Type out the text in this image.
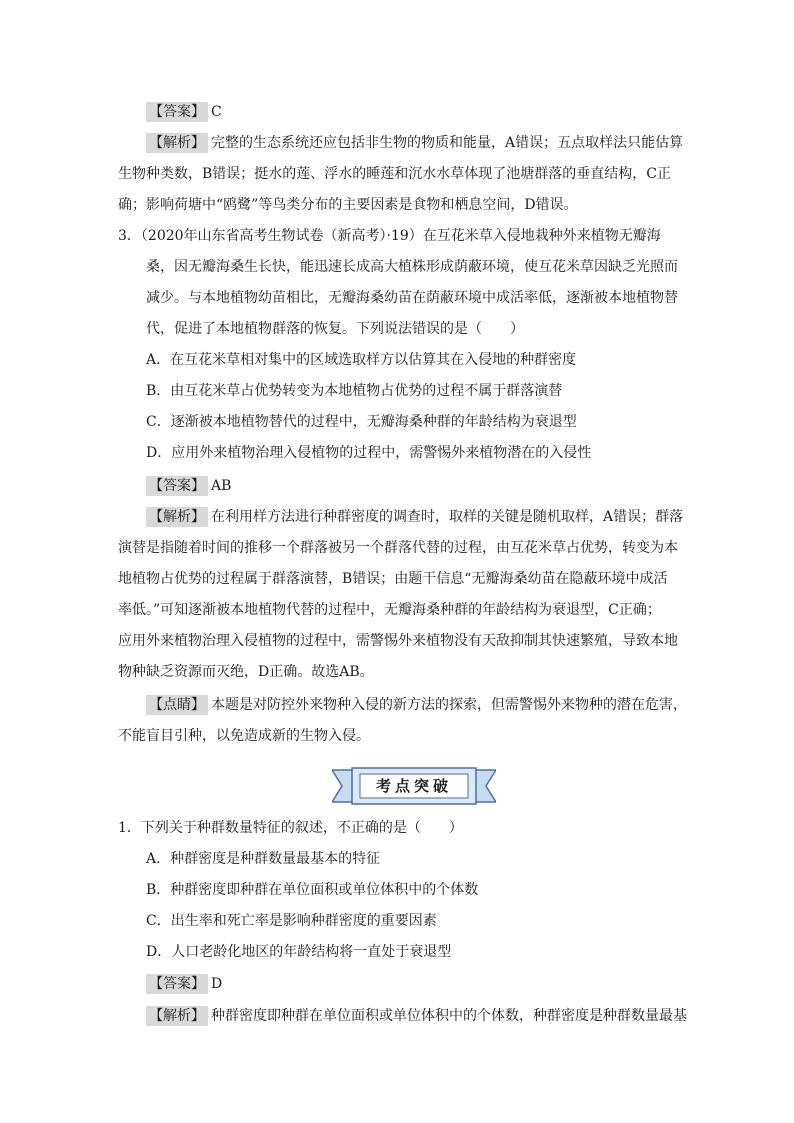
【答案】 C
【解析】 完整的生态系统还应包括非生物的物质和能量，A错误；五点取样法只能估算
生物种类数，B错误；挺水的莲、浮水的睡莲和沉水水草体现了池塘群落的垂直结构，C正
确；影响荷塘中“鸥鹭”等鸟类分布的主要因素是食物和栖息空间，D错误。
3．（2020年山东省高考生物试卷（新高考）·19）在互花米草入侵地栽种外来植物无瓣海
桑，因无瓣海桑生长快，能迅速长成高大植株形成荫蔽环境，使互花米草因缺乏光照而
减少。与本地植物幼苗相比，无瓣海桑幼苗在荫蔽环境中成活率低，逐渐被本地植物替
代，促进了本地植物群落的恢复。下列说法错误的是（　　）
A．在互花米草相对集中的区域选取样方以估算其在入侵地的种群密度
B．由互花米草占优势转变为本地植物占优势的过程不属于群落演替
C．逐渐被本地植物替代的过程中，无瓣海桑种群的年龄结构为衰退型
D．应用外来植物治理入侵植物的过程中，需警惕外来植物潜在的入侵性
【答案】 AB
【解析】 在利用样方法进行种群密度的调查时，取样的关键是随机取样，A错误；群落
演替是指随着时间的推移一个群落被另一个群落代替的过程，由互花米草占优势，转变为本
地植物占优势的过程属于群落演替，B错误；由题干信息“无瓣海桑幼苗在隐蔽环境中成活
率低。”可知逐渐被本地植物代替的过程中，无瓣海桑种群的年龄结构为衰退型，C正确；
应用外来植物治理入侵植物的过程中，需警惕外来植物没有天敌抑制其快速繁殖，导致本地
物种缺乏资源而灭绝，D正确。故选AB。
【点睛】 本题是对防控外来物种入侵的新方法的探索，但需警惕外来物种的潜在危害，
不能盲目引种，以免造成新的生物入侵。
考点突破
1．下列关于种群数量特征的叙述，不正确的是（　　）
A．种群密度是种群数量最基本的特征
B．种群密度即种群在单位面积或单位体积中的个体数
C．出生率和死亡率是影响种群密度的重要因素
D．人口老龄化地区的年龄结构将一直处于衰退型
【答案】 D
【解析】 种群密度即种群在单位面积或单位体积中的个体数，种群密度是种群数量最基
